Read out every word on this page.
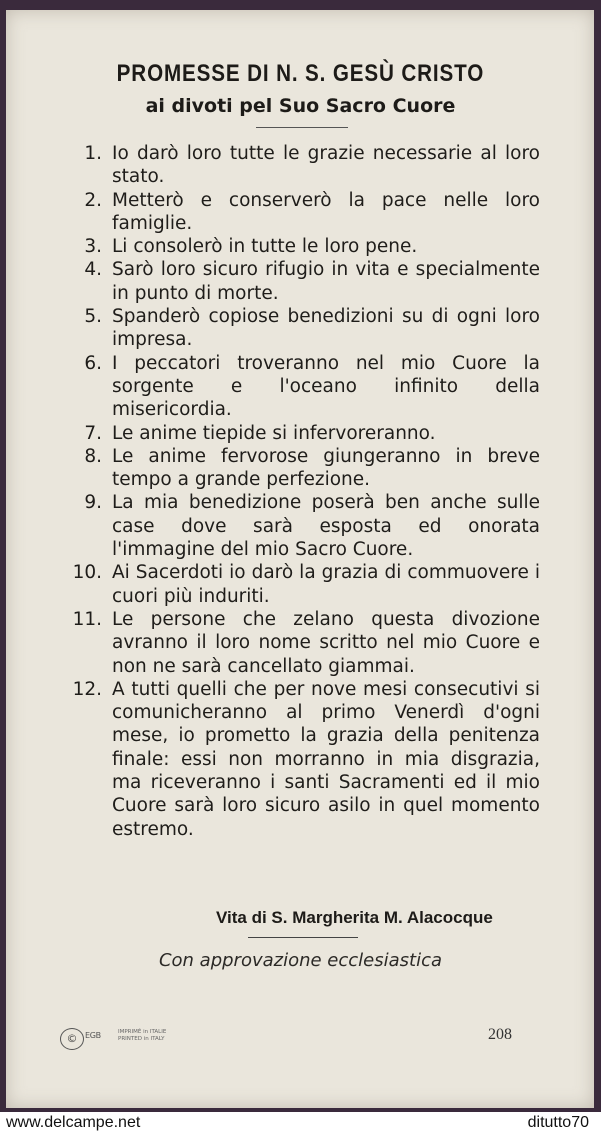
PROMESSE DI N. S. GESÙ CRISTO
ai divoti pel Suo Sacro Cuore
1. Io darò loro tutte le grazie necessarie al loro stato.
2. Metterò e conserverò la pace nelle loro famiglie.
3. Li consolerò in tutte le loro pene.
4. Sarò loro sicuro rifugio in vita e specialmente in punto di morte.
5. Spanderò copiose benedizioni su di ogni loro impresa.
6. I peccatori troveranno nel mio Cuore la sorgente e l'oceano infinito della misericordia.
7. Le anime tiepide si infervoreranno.
8. Le anime fervorose giungeranno in breve tempo a grande perfezione.
9. La mia benedizione poserà ben anche sulle case dove sarà esposta ed onorata l'immagine del mio Sacro Cuore.
10. Ai Sacerdoti io darò la grazia di commuovere i cuori più induriti.
11. Le persone che zelano questa divozione avranno il loro nome scritto nel mio Cuore e non ne sarà cancellato giammai.
12. A tutti quelli che per nove mesi consecutivi si comunicheranno al primo Venerdì d'ogni mese, io prometto la grazia della penitenza finale: essi non morranno in mia disgrazia, ma riceveranno i santi Sacramenti ed il mio Cuore sarà loro sicuro asilo in quel momento estremo.
Vita di S. Margherita M. Alacocque
Con approvazione ecclesiastica
© EGB	IMPRIMÉ in ITALIE
PRINTED in ITALY	208
www.delcampe.net	ditutto70
